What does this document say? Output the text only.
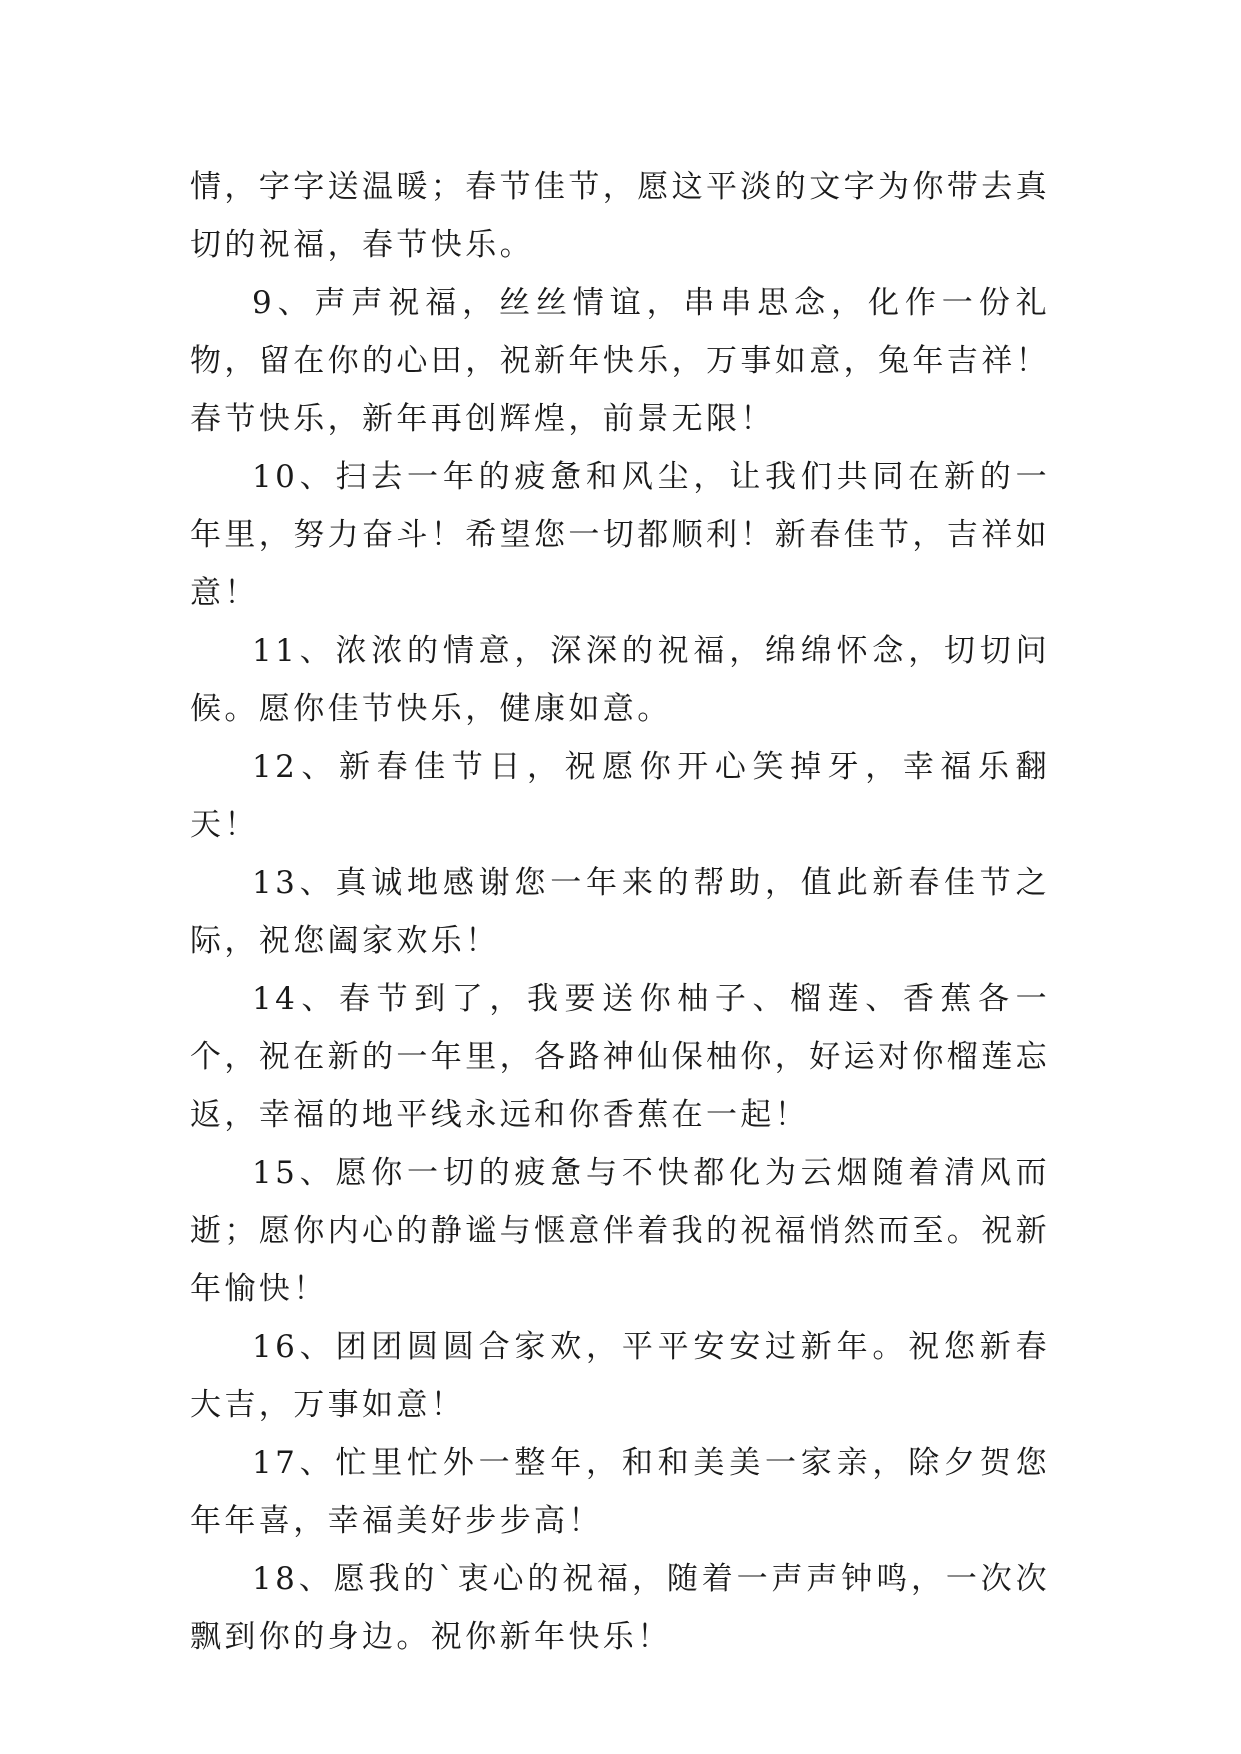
情，字字送温暖；春节佳节，愿这平淡的文字为你带去真切的祝福，春节快乐。

9、声声祝福，丝丝情谊，串串思念，化作一份礼物，留在你的心田，祝新年快乐，万事如意，兔年吉祥！春节快乐，新年再创辉煌，前景无限！

10、扫去一年的疲惫和风尘，让我们共同在新的一年里，努力奋斗！希望您一切都顺利！新春佳节，吉祥如意！

11、浓浓的情意，深深的祝福，绵绵怀念，切切问候。愿你佳节快乐，健康如意。

12、新春佳节日，祝愿你开心笑掉牙，幸福乐翻天！

13、真诚地感谢您一年来的帮助，值此新春佳节之际，祝您阖家欢乐！

14、春节到了，我要送你柚子、榴莲、香蕉各一个，祝在新的一年里，各路神仙保柚你，好运对你榴莲忘返，幸福的地平线永远和你香蕉在一起！

15、愿你一切的疲惫与不快都化为云烟随着清风而逝；愿你内心的静谧与惬意伴着我的祝福悄然而至。祝新年愉快！

16、团团圆圆合家欢，平平安安过新年。祝您新春大吉，万事如意！

17、忙里忙外一整年，和和美美一家亲，除夕贺您年年喜，幸福美好步步高！

18、愿我的`衷心的祝福，随着一声声钟鸣，一次次飘到你的身边。祝你新年快乐！
